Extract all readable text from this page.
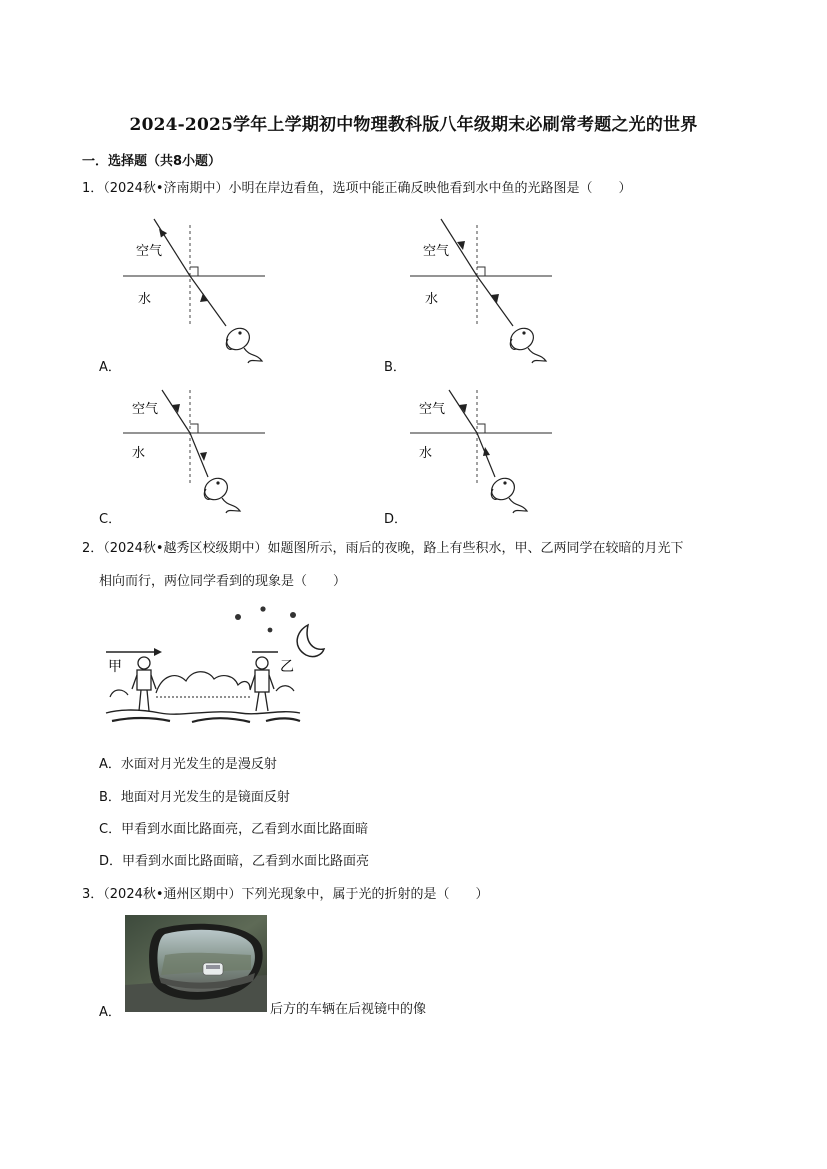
2024-2025学年上学期初中物理教科版八年级期末必刷常考题之光的世界
一．选择题（共8小题）
1．（2024秋•济南期中）小明在岸边看鱼，选项中能正确反映他看到水中鱼的光路图是（　　）
空气
水
A．
空气
水
B．
空气
水
C．
空气
水
D．
2．（2024秋•越秀区校级期中）如题图所示，雨后的夜晚，路上有些积水，甲、乙两同学在较暗的月光下
相向而行，两位同学看到的现象是（　　）
甲	乙
A．水面对月光发生的是漫反射
B．地面对月光发生的是镜面反射
C．甲看到水面比路面亮，乙看到水面比路面暗
D．甲看到水面比路面暗，乙看到水面比路面亮
3．（2024秋•通州区期中）下列光现象中，属于光的折射的是（　　）
A．	后方的车辆在后视镜中的像
